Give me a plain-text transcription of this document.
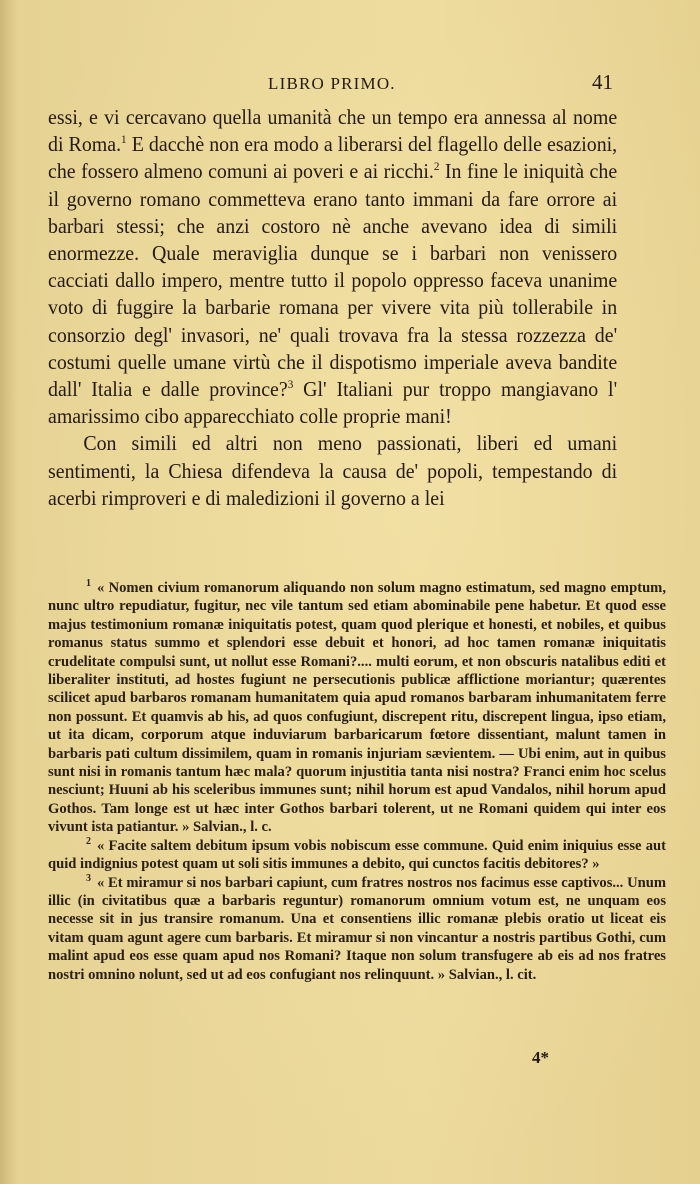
LIBRO PRIMO.	41

essi, e vi cercavano quella umanità che un tempo era annessa al nome di Roma.$^1$ E dacchè non era modo a liberarsi del flagello delle esazioni, che fossero almeno comuni ai poveri e ai ricchi.$^2$ In fine le iniquità che il governo romano commetteva erano tanto immani da fare orrore ai barbari stessi; che anzi costoro nè anche avevano idea di simili enormezze. Quale meraviglia dunque se i barbari non venissero cacciati dallo impero, mentre tutto il popolo oppresso faceva unanime voto di fuggire la barbarie romana per vivere vita più tollerabile in consorzio degl' invasori, ne' quali trovava fra la stessa rozzezza de' costumi quelle umane virtù che il dispotismo imperiale aveva bandite dall' Italia e dalle province?$^3$ Gl' Italiani pur troppo mangiavano l' amarissimo cibo apparecchiato colle proprie mani!

Con simili ed altri non meno passionati, liberi ed umani sentimenti, la Chiesa difendeva la causa de' popoli, tempestando di acerbi rimproveri e di maledizioni il governo a lei

$^1$ « Nomen civium romanorum aliquando non solum magno estimatum, sed magno emptum, nunc ultro repudiatur, fugitur, nec vile tantum sed etiam abominabile pene habetur. Et quod esse majus testimonium romanæ iniquitatis potest, quam quod plerique et honesti, et nobiles, et quibus romanus status summo et splendori esse debuit et honori, ad hoc tamen romanæ iniquitatis crudelitate compulsi sunt, ut nollut esse Romani?.... multi eorum, et non obscuris natalibus editi et liberaliter instituti, ad hostes fugiunt ne persecutionis publicæ afflictione moriantur; quærentes scilicet apud barbaros romanam humanitatem quia apud romanos barbaram inhumanitatem ferre non possunt. Et quamvis ab his, ad quos confugiunt, discrepent ritu, discrepent lingua, ipso etiam, ut ita dicam, corporum atque induviarum barbaricarum fœtore dissentiant, malunt tamen in barbaris pati cultum dissimilem, quam in romanis injuriam sævientem. — Ubi enim, aut in quibus sunt nisi in romanis tantum hæc mala? quorum injustitia tanta nisi nostra? Franci enim hoc scelus nesciunt; Huuni ab his sceleribus immunes sunt; nihil horum est apud Vandalos, nihil horum apud Gothos. Tam longe est ut hæc inter Gothos barbari tolerent, ut ne Romani quidem qui inter eos vivunt ista patiantur. » Salvian., l. c.

$^2$ « Facite saltem debitum ipsum vobis nobiscum esse commune. Quid enim iniquius esse aut quid indignius potest quam ut soli sitis immunes a debito, qui cunctos facitis debitores? »

$^3$ « Et miramur si nos barbari capiunt, cum fratres nostros nos facimus esse captivos... Unum illic (in civitatibus quæ a barbaris reguntur) romanorum omnium votum est, ne unquam eos necesse sit in jus transire romanum. Una et consentiens illic romanæ plebis oratio ut liceat eis vitam quam agunt agere cum barbaris. Et miramur si non vincantur a nostris partibus Gothi, cum malint apud eos esse quam apud nos Romani? Itaque non solum transfugere ab eis ad nos fratres nostri omnino nolunt, sed ut ad eos confugiant nos relinquunt. » Salvian., l. cit.

4*
